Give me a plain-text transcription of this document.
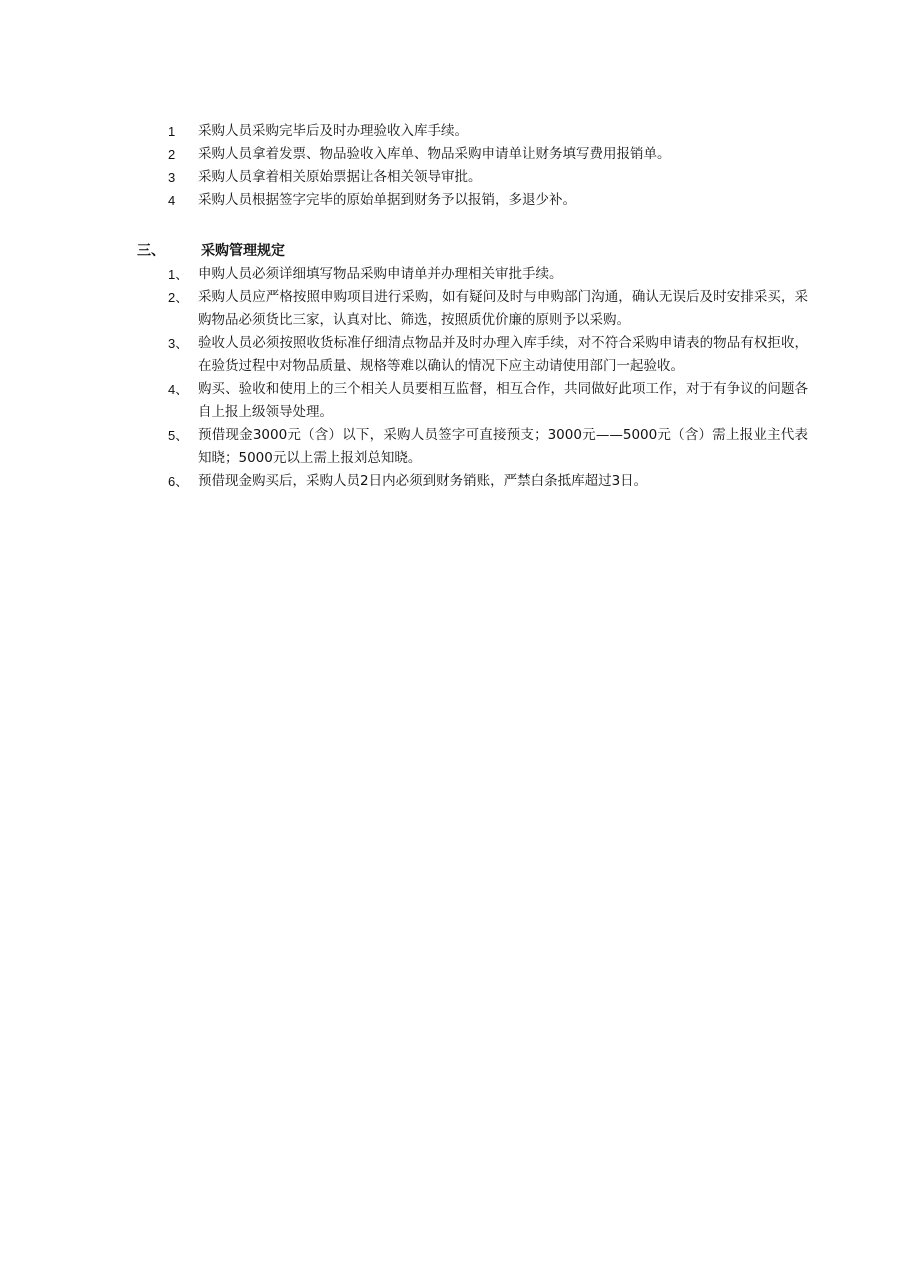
1	采购人员采购完毕后及时办理验收入库手续。
2	采购人员拿着发票、物品验收入库单、物品采购申请单让财务填写费用报销单。
3	采购人员拿着相关原始票据让各相关领导审批。
4	采购人员根据签字完毕的原始单据到财务予以报销，多退少补。
三、	采购管理规定
1、 申购人员必须详细填写物品采购申请单并办理相关审批手续。
2、 采购人员应严格按照申购项目进行采购，如有疑问及时与申购部门沟通，确认无误后及时安排采买，采购物品必须货比三家，认真对比、筛选，按照质优价廉的原则予以采购。
3、 验收人员必须按照收货标准仔细清点物品并及时办理入库手续，对不符合采购申请表的物品有权拒收，在验货过程中对物品质量、规格等难以确认的情况下应主动请使用部门一起验收。
4、 购买、验收和使用上的三个相关人员要相互监督，相互合作，共同做好此项工作，对于有争议的问题各自上报上级领导处理。
5、 预借现金3000元（含）以下，采购人员签字可直接预支；3000元——5000元（含）需上报业主代表知晓；5000元以上需上报刘总知晓。
6、 预借现金购买后，采购人员2日内必须到财务销账，严禁白条抵库超过3日。
